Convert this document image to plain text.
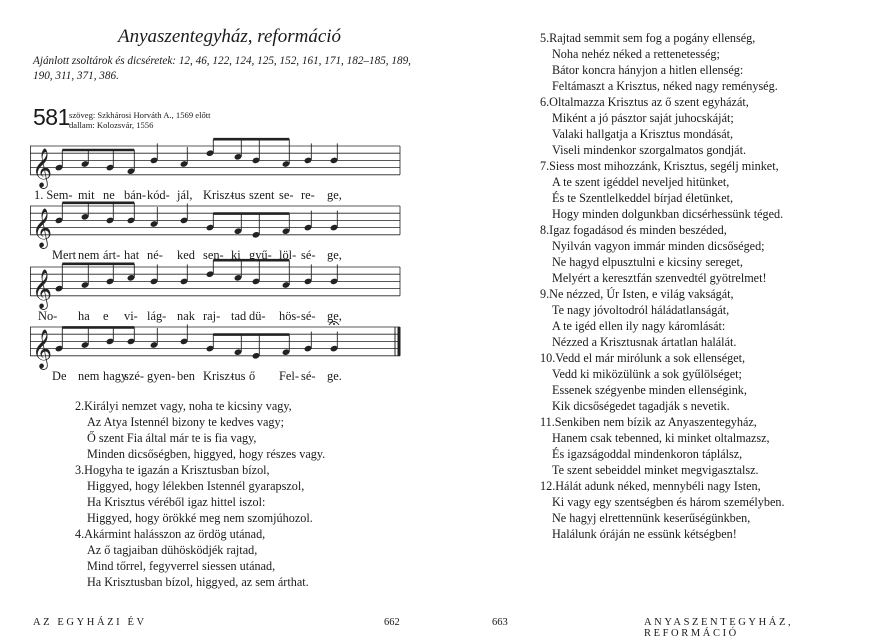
Anyaszentegyház, reformáció
Ajánlott zsoltárok és dicséretek: 12, 46, 122, 124, 125, 152, 161, 171, 182–185, 189, 190, 311, 371, 386.
581 szöveg: Szkhárosi Horváth A., 1569 előtt
dallam: Kolozsvár, 1556
𝄞
1. Sem- mit ne bán- kód- jál, Krisz-
tus szent se- re- ge,
𝄞
Mert nem árt- hat né- ked sen- ki gyű- löl- sé- ge,
𝄞
No- ha e vi- lág- nak raj- tad dü- hös- sé- ge,
𝄞
De nem hagy
szé- gyen- ben Krisz-
tus ő Fel- sé- ge.
2.Királyi nemzet vagy, noha te kicsiny vagy,
Az Atya Istennél bizony te kedves vagy;
Ő szent Fia által már te is fia vagy,
Minden dicsőségben, higgyed, hogy részes vagy.
3.Hogyha te igazán a Krisztusban bízol,
Higgyed, hogy lélekben Istennél gyarapszol,
Ha Krisztus véréből igaz hittel iszol:
Higgyed, hogy örökké meg nem szomjúhozol.
4.Akármint halásszon az ördög utánad,
Az ő tagjaiban dühösködjék rajtad,
Mind tőrrel, fegyverrel siessen utánad,
Ha Krisztusban bízol, higgyed, az sem árthat.
AZ EGYHÁZI ÉV	662
5.Rajtad semmit sem fog a pogány ellenség,
Noha nehéz néked a rettenetesség;
Bátor koncra hányjon a hitlen ellenség:
Feltámaszt a Krisztus, néked nagy reménység.
6.Oltalmazza Krisztus az ő szent egyházát,
Miként a jó pásztor saját juhocskáját;
Valaki hallgatja a Krisztus mondását,
Viseli mindenkor szorgalmatos gondját.
7.Siess most mihozzánk, Krisztus, segélj minket,
A te szent igéddel neveljed hitünket,
És te Szentlelkeddel bírjad életünket,
Hogy minden dolgunkban dicsérhessünk téged.
8.Igaz fogadásod és minden beszéded,
Nyilván vagyon immár minden dicsőséged;
Ne hagyd elpusztulni e kicsiny sereget,
Melyért a keresztfán szenvedtél gyötrelmet!
9.Ne nézzed, Úr Isten, e világ vakságát,
Te nagy jóvoltodról háládatlanságát,
A te igéd ellen ily nagy káromlását:
Nézzed a Krisztusnak ártatlan halálát.
10.Vedd el már mirólunk a sok ellenséget,
Vedd ki miközülünk a sok gyűlölséget;
Essenek szégyenbe minden ellenségink,
Kik dicsőségedet tagadják s nevetik.
11.Senkiben nem bízik az Anyaszentegyház,
Hanem csak tebenned, ki minket oltalmazsz,
És igazságoddal mindenkoron táplálsz,
Te szent sebeiddel minket megvigasztalsz.
12.Hálát adunk néked, mennybéli nagy Isten,
Ki vagy egy szentségben és három személyben.
Ne hagyj elrettennünk keserűségünkben,
Halálunk óráján ne essünk kétségben!
663	ANYASZENTEGYHÁZ, REFORMÁCIÓ
